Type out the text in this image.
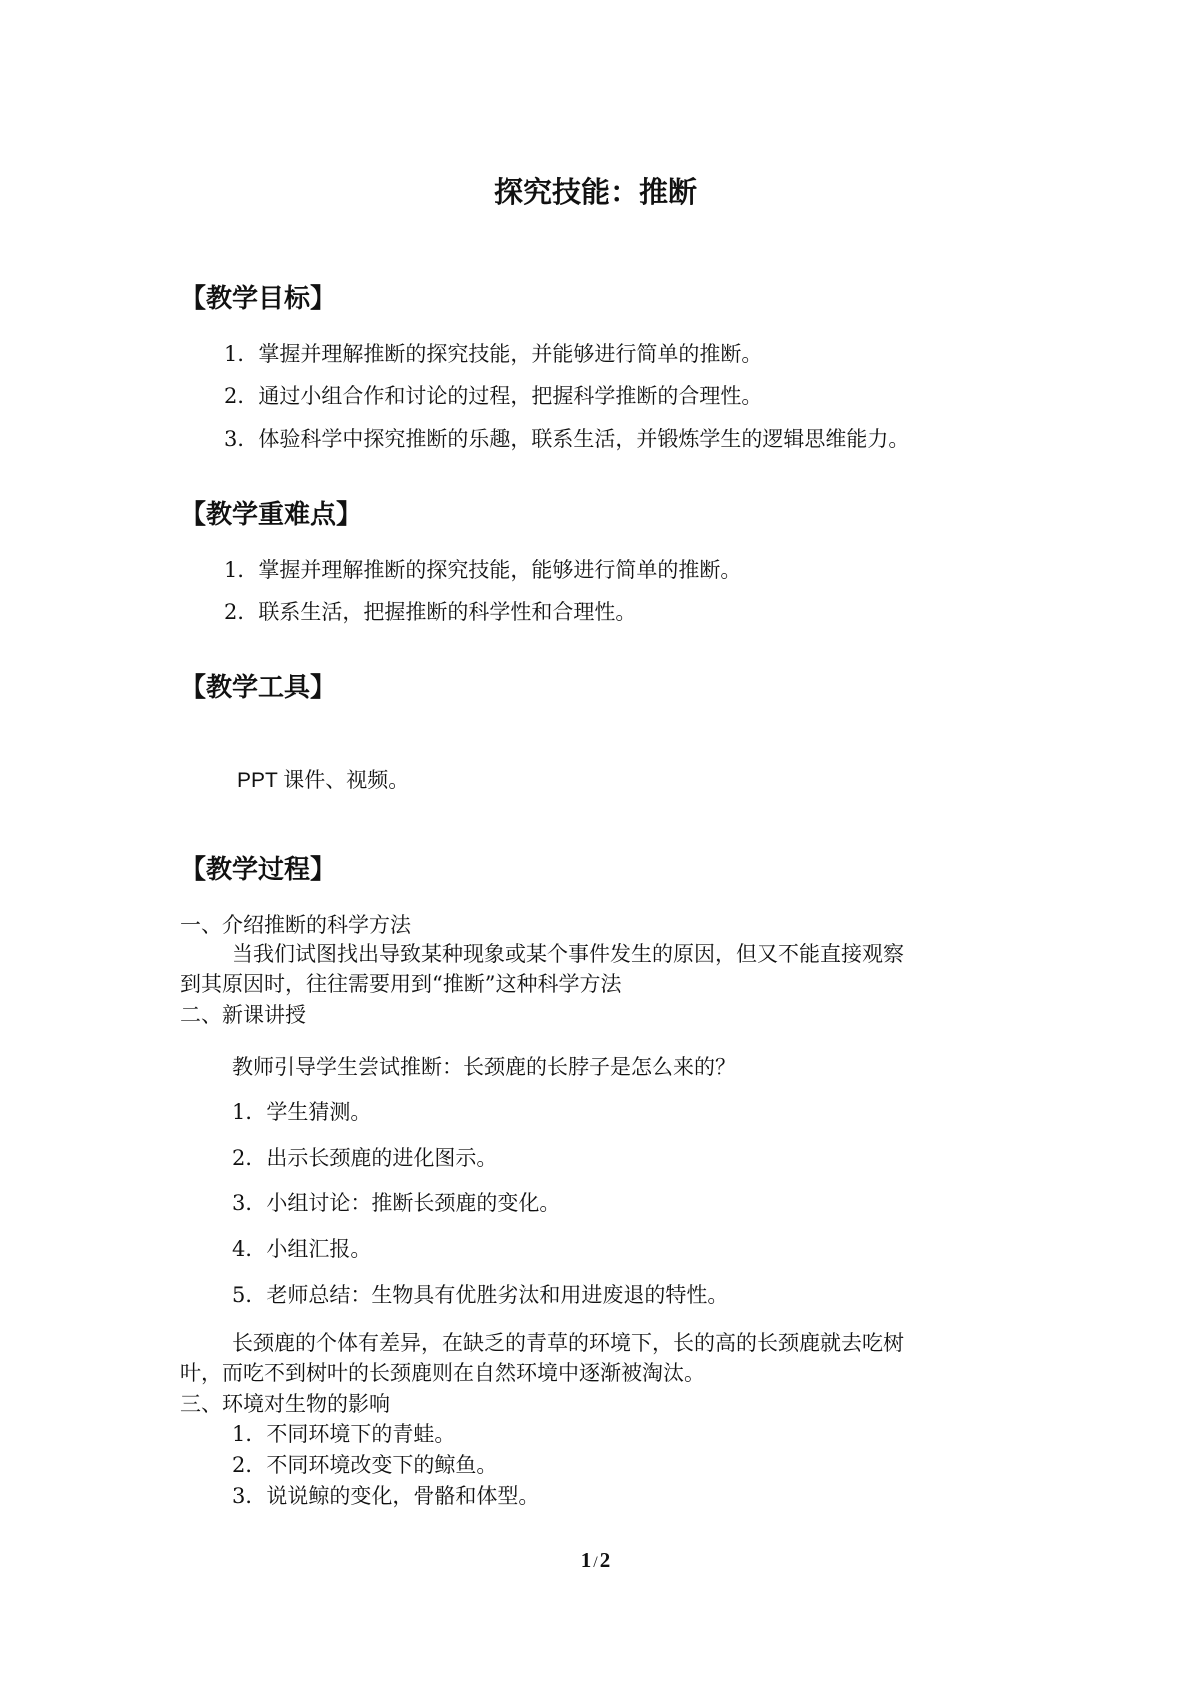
探究技能：推断
【教学目标】
1．掌握并理解推断的探究技能，并能够进行简单的推断。
2．通过小组合作和讨论的过程，把握科学推断的合理性。
3．体验科学中探究推断的乐趣，联系生活，并锻炼学生的逻辑思维能力。
【教学重难点】
1．掌握并理解推断的探究技能，能够进行简单的推断。
2．联系生活，把握推断的科学性和合理性。
【教学工具】
PPT 课件、视频。
【教学过程】
一、介绍推断的科学方法
当我们试图找出导致某种现象或某个事件发生的原因，但又不能直接观察
到其原因时，往往需要用到“推断”这种科学方法
二、新课讲授
教师引导学生尝试推断：长颈鹿的长脖子是怎么来的？
1．学生猜测。
2．出示长颈鹿的进化图示。
3．小组讨论：推断长颈鹿的变化。
4．小组汇报。
5．老师总结：生物具有优胜劣汰和用进废退的特性。
长颈鹿的个体有差异，在缺乏的青草的环境下，长的高的长颈鹿就去吃树
叶，而吃不到树叶的长颈鹿则在自然环境中逐渐被淘汰。
三、环境对生物的影响
1．不同环境下的青蛙。
2．不同环境改变下的鲸鱼。
3．说说鲸的变化，骨骼和体型。
1 /2
